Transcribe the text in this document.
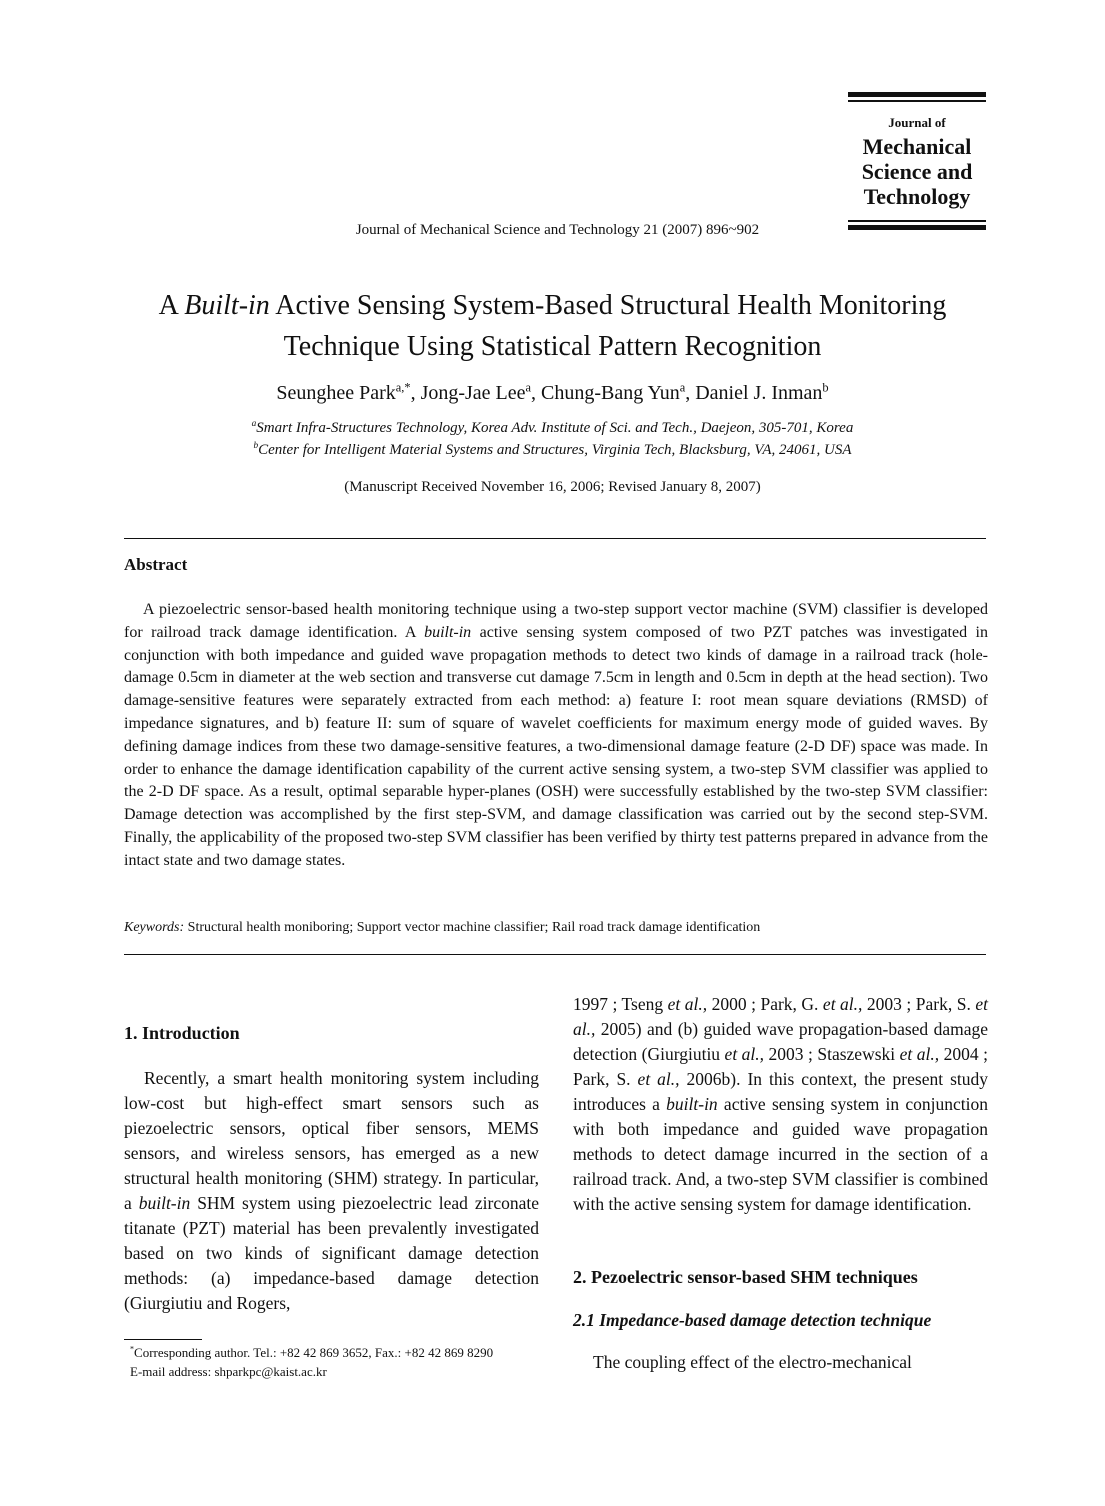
Journal of
Mechanical
Science and
Technology
Journal of Mechanical Science and Technology 21 (2007) 896~902
A Built-in Active Sensing System-Based Structural Health Monitoring
Technique Using Statistical Pattern Recognition
Seunghee Park$^{a,*}$, Jong-Jae Lee$^a$, Chung-Bang Yun$^a$, Daniel J. Inman$^b$
$^a$Smart Infra-Structures Technology, Korea Adv. Institute of Sci. and Tech., Daejeon, 305-701, Korea
$^b$Center for Intelligent Material Systems and Structures, Virginia Tech, Blacksburg, VA, 24061, USA
(Manuscript Received November 16, 2006; Revised January 8, 2007)
Abstract
A piezoelectric sensor-based health monitoring technique using a two-step support vector machine (SVM) classifier is developed for railroad track damage identification. A built-in active sensing system composed of two PZT patches was investigated in conjunction with both impedance and guided wave propagation methods to detect two kinds of damage in a railroad track (hole-damage 0.5cm in diameter at the web section and transverse cut damage 7.5cm in length and 0.5cm in depth at the head section). Two damage-sensitive features were separately extracted from each method: a) feature I: root mean square deviations (RMSD) of impedance signatures, and b) feature II: sum of square of wavelet coefficients for maximum energy mode of guided waves. By defining damage indices from these two damage-sensitive features, a two-dimensional damage feature (2-D DF) space was made. In order to enhance the damage identification capability of the current active sensing system, a two-step SVM classifier was applied to the 2-D DF space. As a result, optimal separable hyper-planes (OSH) were successfully established by the two-step SVM classifier: Damage detection was accomplished by the first step-SVM, and damage classification was carried out by the second step-SVM. Finally, the applicability of the proposed two-step SVM classifier has been verified by thirty test patterns prepared in advance from the intact state and two damage states.
Keywords: Structural health moniboring; Support vector machine classifier; Rail road track damage identification
1. Introduction
Recently, a smart health monitoring system including low-cost but high-effect smart sensors such as piezoelectric sensors, optical fiber sensors, MEMS sensors, and wireless sensors, has emerged as a new structural health monitoring (SHM) strategy. In particular, a built-in SHM system using piezoelectric lead zirconate titanate (PZT) material has been prevalently investigated based on two kinds of significant damage detection methods: (a) impedance-based damage detection (Giurgiutiu and Rogers,
*Corresponding author. Tel.: +82 42 869 3652, Fax.: +82 42 869 8290
E-mail address: shparkpc@kaist.ac.kr
1997 ; Tseng et al., 2000 ; Park, G. et al., 2003 ; Park, S. et al., 2005) and (b) guided wave propagation-based damage detection (Giurgiutiu et al., 2003 ; Staszewski et al., 2004 ; Park, S. et al., 2006b). In this context, the present study introduces a built-in active sensing system in conjunction with both impedance and guided wave propagation methods to detect damage incurred in the section of a railroad track. And, a two-step SVM classifier is combined with the active sensing system for damage identification.
2. Pezoelectric sensor-based SHM techniques
2.1 Impedance-based damage detection technique
The coupling effect of the electro-mechanical
